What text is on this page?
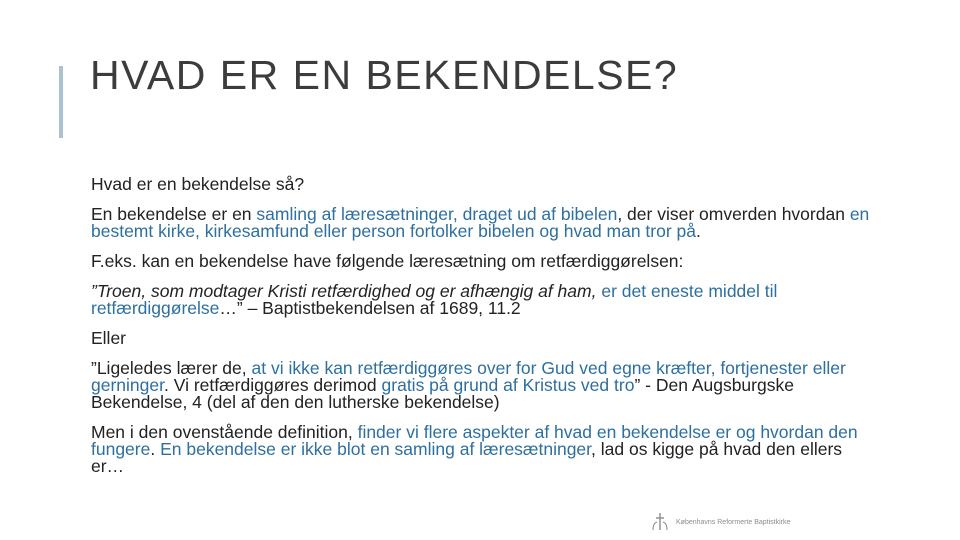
HVAD ER EN BEKENDELSE?

Hvad er en bekendelse så?

En bekendelse er en samling af læresætninger, draget ud af bibelen, der viser omverden hvordan en bestemt kirke, kirkesamfund eller person fortolker bibelen og hvad man tror på.

F.eks. kan en bekendelse have følgende læresætning om retfærdiggørelsen:

”Troen, som modtager Kristi retfærdighed og er afhængig af ham, er det eneste middel til retfærdiggørelse…” – Baptistbekendelsen af 1689, 11.2

Eller

”Ligeledes lærer de, at vi ikke kan retfærdiggøres over for Gud ved egne kræfter, fortjenester eller gerninger. Vi retfærdiggøres derimod gratis på grund af Kristus ved tro” - Den Augsburgske Bekendelse, 4 (del af den den lutherske bekendelse)

Men i den ovenstående definition, finder vi flere aspekter af hvad en bekendelse er og hvordan den fungere. En bekendelse er ikke blot en samling af læresætninger, lad os kigge på hvad den ellers er…

Københavns Reformerte Baptistkirke
